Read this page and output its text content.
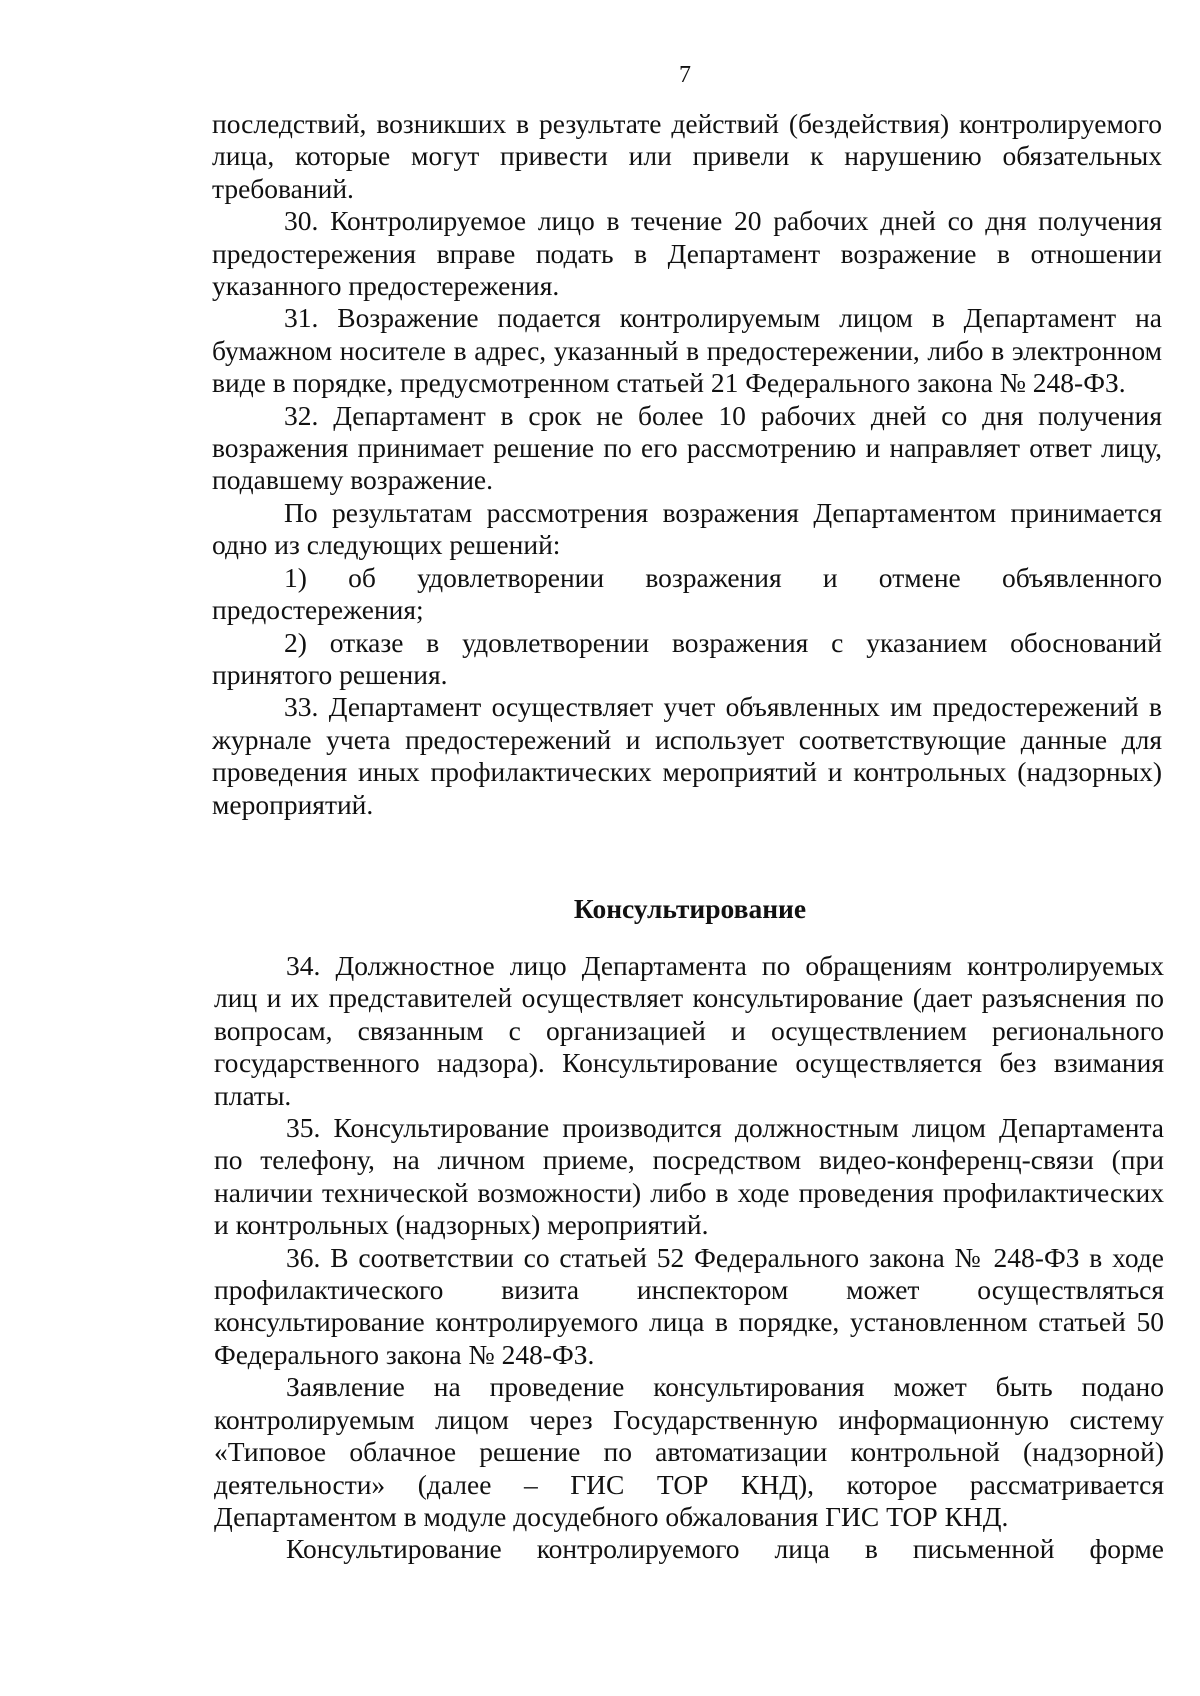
7

последствий, возникших в результате действий (бездействия) контролируемого лица, которые могут привести или привели к нарушению обязательных требований.

30. Контролируемое лицо в течение 20 рабочих дней со дня получения предостережения вправе подать в Департамент возражение в отношении указанного предостережения.

31. Возражение подается контролируемым лицом в Департамент на бумажном носителе в адрес, указанный в предостережении, либо в электронном виде в порядке, предусмотренном статьей 21 Федерального закона № 248-ФЗ.

32. Департамент в срок не более 10 рабочих дней со дня получения возражения принимает решение по его рассмотрению и направляет ответ лицу, подавшему возражение.

По результатам рассмотрения возражения Департаментом принимается одно из следующих решений:

1) об удовлетворении возражения и отмене объявленного предостережения;

2) отказе в удовлетворении возражения с указанием обоснований принятого решения.

33. Департамент осуществляет учет объявленных им предостережений в журнале учета предостережений и использует соответствующие данные для проведения иных профилактических мероприятий и контрольных (надзорных) мероприятий.

Консультирование

34. Должностное лицо Департамента по обращениям контролируемых лиц и их представителей осуществляет консультирование (дает разъяснения по вопросам, связанным с организацией и осуществлением регионального государственного надзора). Консультирование осуществляется без взимания платы.

35. Консультирование производится должностным лицом Департамента по телефону, на личном приеме, посредством видео-конференц-связи (при наличии технической возможности) либо в ходе проведения профилактических и контрольных (надзорных) мероприятий.

36. В соответствии со статьей 52 Федерального закона № 248-ФЗ в ходе профилактического визита инспектором может осуществляться консультирование контролируемого лица в порядке, установленном статьей 50 Федерального закона № 248-ФЗ.

Заявление на проведение консультирования может быть подано контролируемым лицом через Государственную информационную систему «Типовое облачное решение по автоматизации контрольной (надзорной) деятельности» (далее – ГИС ТОР КНД), которое рассматривается Департаментом в модуле досудебного обжалования ГИС ТОР КНД.

Консультирование контролируемого лица в письменной форме
